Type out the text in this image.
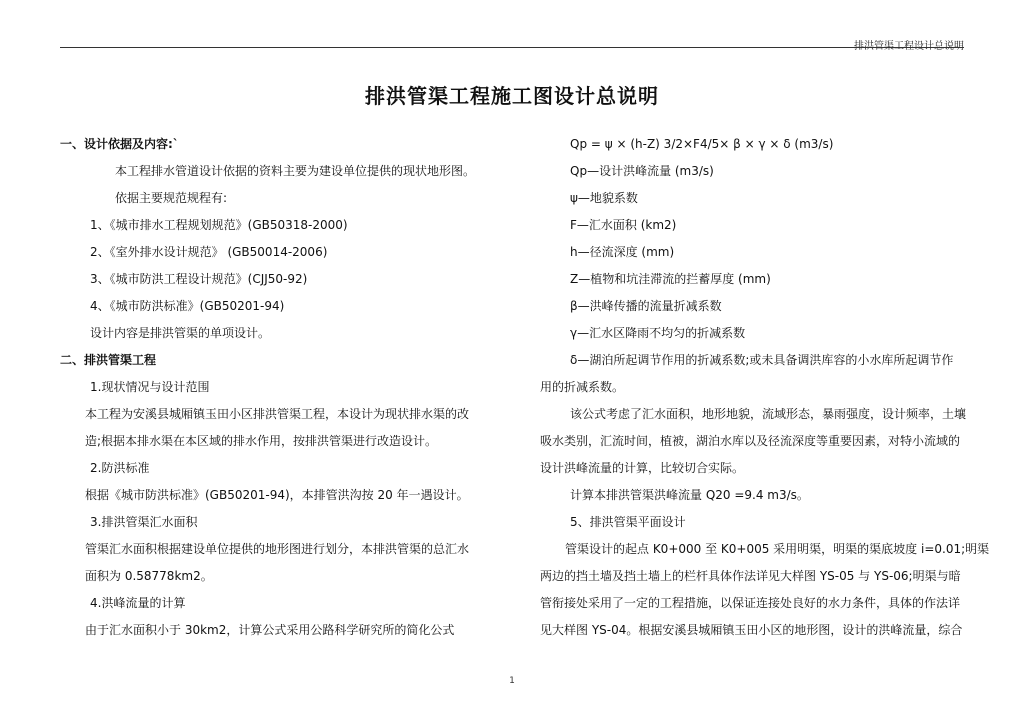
排洪管渠工程设计总说明
排洪管渠工程施工图设计总说明
一、设计依据及内容:`
本工程排水管道设计依据的资料主要为建设单位提供的现状地形图。
依据主要规范规程有:
1、《城市排水工程规划规范》(GB50318-2000)
2、《室外排水设计规范》 (GB50014-2006)
3、《城市防洪工程设计规范》(CJJ50-92)
4、《城市防洪标准》(GB50201-94)
设计内容是排洪管渠的单项设计。
二、排洪管渠工程
1.现状情况与设计范围
本工程为安溪县城厢镇玉田小区排洪管渠工程，本设计为现状排水渠的改
造;根据本排水渠在本区域的排水作用，按排洪管渠进行改造设计。
2.防洪标准
根据《城市防洪标准》(GB50201-94)，本排管洪沟按 20 年一遇设计。
3.排洪管渠汇水面积
管渠汇水面积根据建设单位提供的地形图进行划分，本排洪管渠的总汇水
面积为 0.58778km2。
4.洪峰流量的计算
由于汇水面积小于 30km2，计算公式采用公路科学研究所的简化公式
Qp = ψ × (h-Z) 3/2×F4/5× β × γ × δ (m3/s)
Qp—设计洪峰流量 (m3/s)
ψ—地貌系数
F—汇水面积 (km2)
h—径流深度 (mm)
Z—植物和坑洼滞流的拦蓄厚度 (mm)
β—洪峰传播的流量折减系数
γ—汇水区降雨不均匀的折减系数
δ—湖泊所起调节作用的折减系数;或未具备调洪库容的小水库所起调节作
用的折减系数。
该公式考虑了汇水面积，地形地貌，流域形态，暴雨强度，设计频率，土壤
吸水类别，汇流时间，植被，湖泊水库以及径流深度等重要因素，对特小流域的
设计洪峰流量的计算，比较切合实际。
计算本排洪管渠洪峰流量 Q20 =9.4 m3/s。
5、排洪管渠平面设计
管渠设计的起点 K0+000 至 K0+005 采用明渠，明渠的渠底坡度 i=0.01;明渠
两边的挡土墙及挡土墙上的栏杆具体作法详见大样图 YS-05 与 YS-06;明渠与暗
管衔接处采用了一定的工程措施，以保证连接处良好的水力条件，具体的作法详
见大样图 YS-04。根据安溪县城厢镇玉田小区的地形图，设计的洪峰流量，综合
1
